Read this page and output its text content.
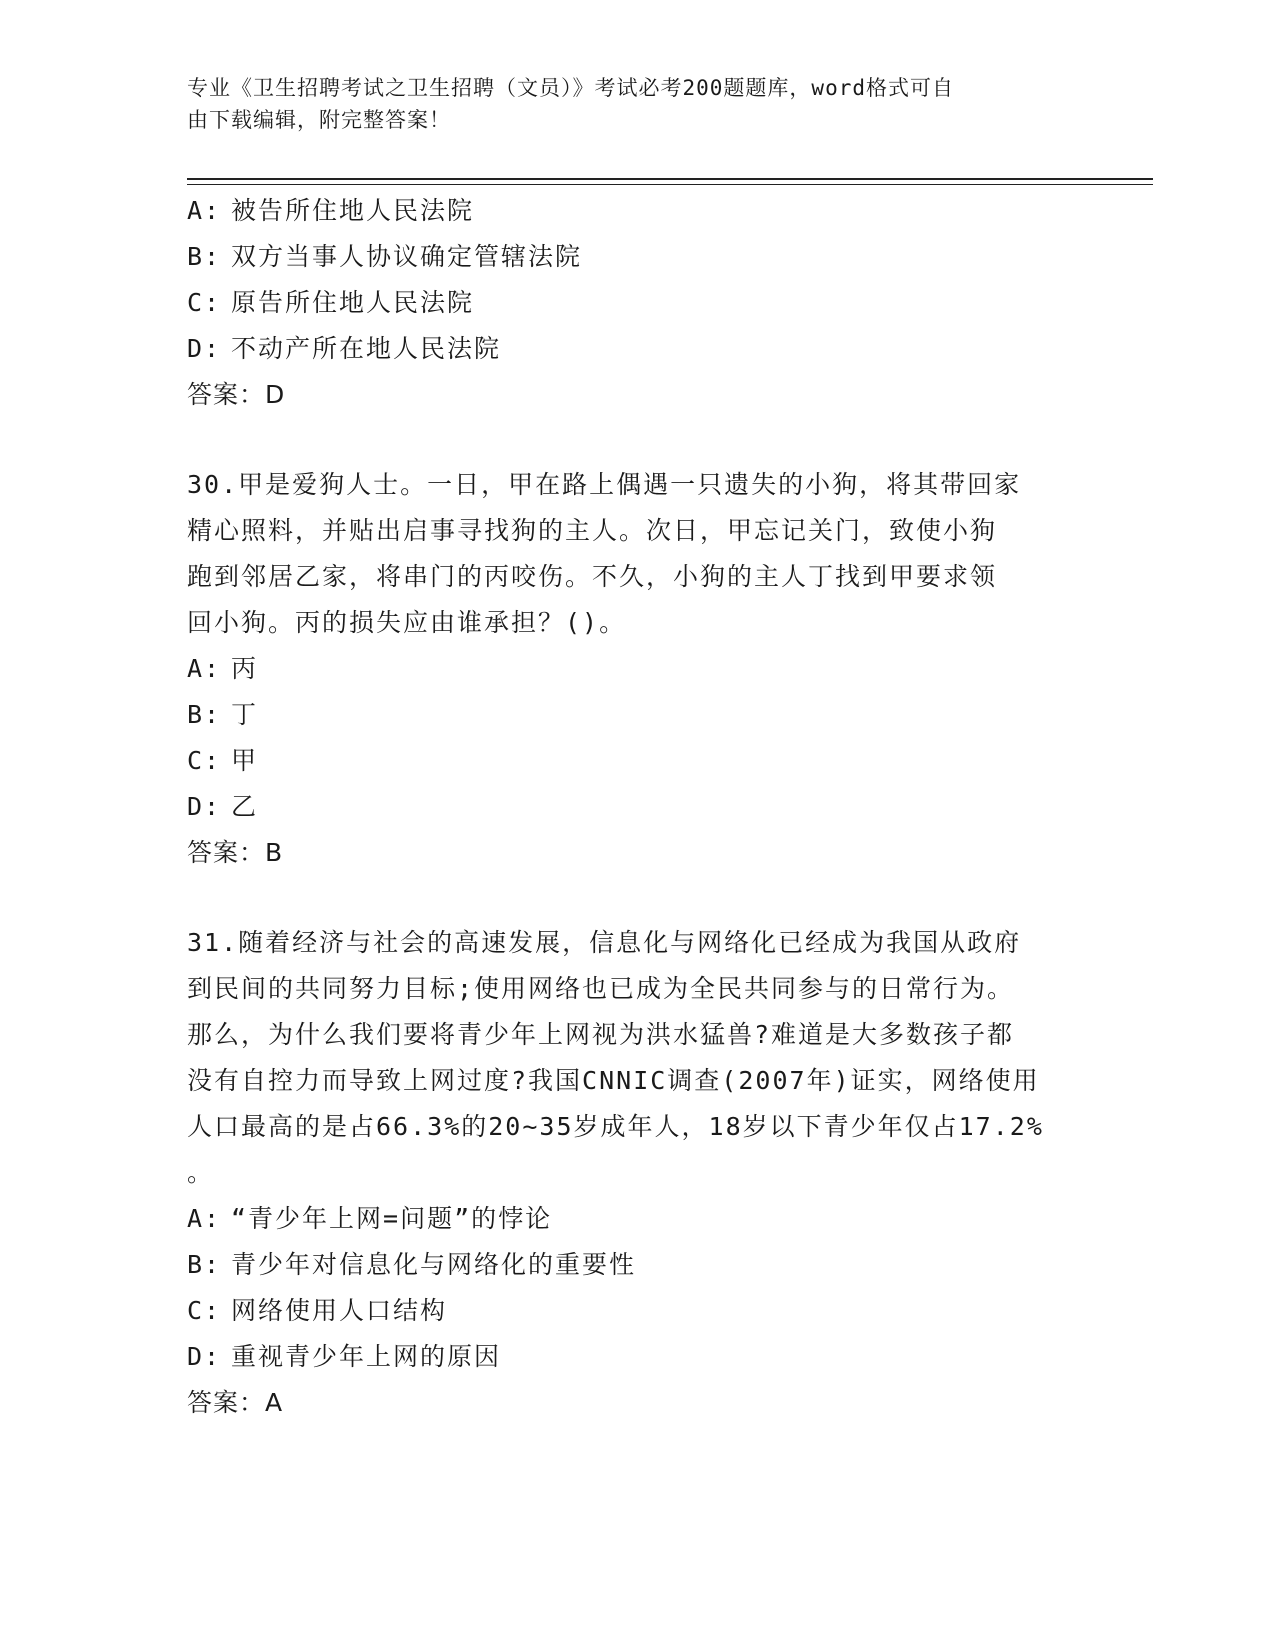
专业《卫生招聘考试之卫生招聘（文员）》考试必考200题题库，word格式可自
由下载编辑，附完整答案！
A: 被告所住地人民法院
B: 双方当事人协议确定管辖法院
C: 原告所住地人民法院
D: 不动产所在地人民法院
答案：D
30.甲是爱狗人士。一日，甲在路上偶遇一只遗失的小狗，将其带回家
精心照料，并贴出启事寻找狗的主人。次日，甲忘记关门，致使小狗
跑到邻居乙家，将串门的丙咬伤。不久，小狗的主人丁找到甲要求领
回小狗。丙的损失应由谁承担？()。
A: 丙
B: 丁
C: 甲
D: 乙
答案：B
31.随着经济与社会的高速发展，信息化与网络化已经成为我国从政府
到民间的共同努力目标;使用网络也已成为全民共同参与的日常行为。
那么，为什么我们要将青少年上网视为洪水猛兽?难道是大多数孩子都
没有自控力而导致上网过度?我国CNNIC调查(2007年)证实，网络使用
人口最高的是占66.3%的20~35岁成年人，18岁以下青少年仅占17.2%
。
A: “青少年上网=问题”的悖论
B: 青少年对信息化与网络化的重要性
C: 网络使用人口结构
D: 重视青少年上网的原因
答案：A
